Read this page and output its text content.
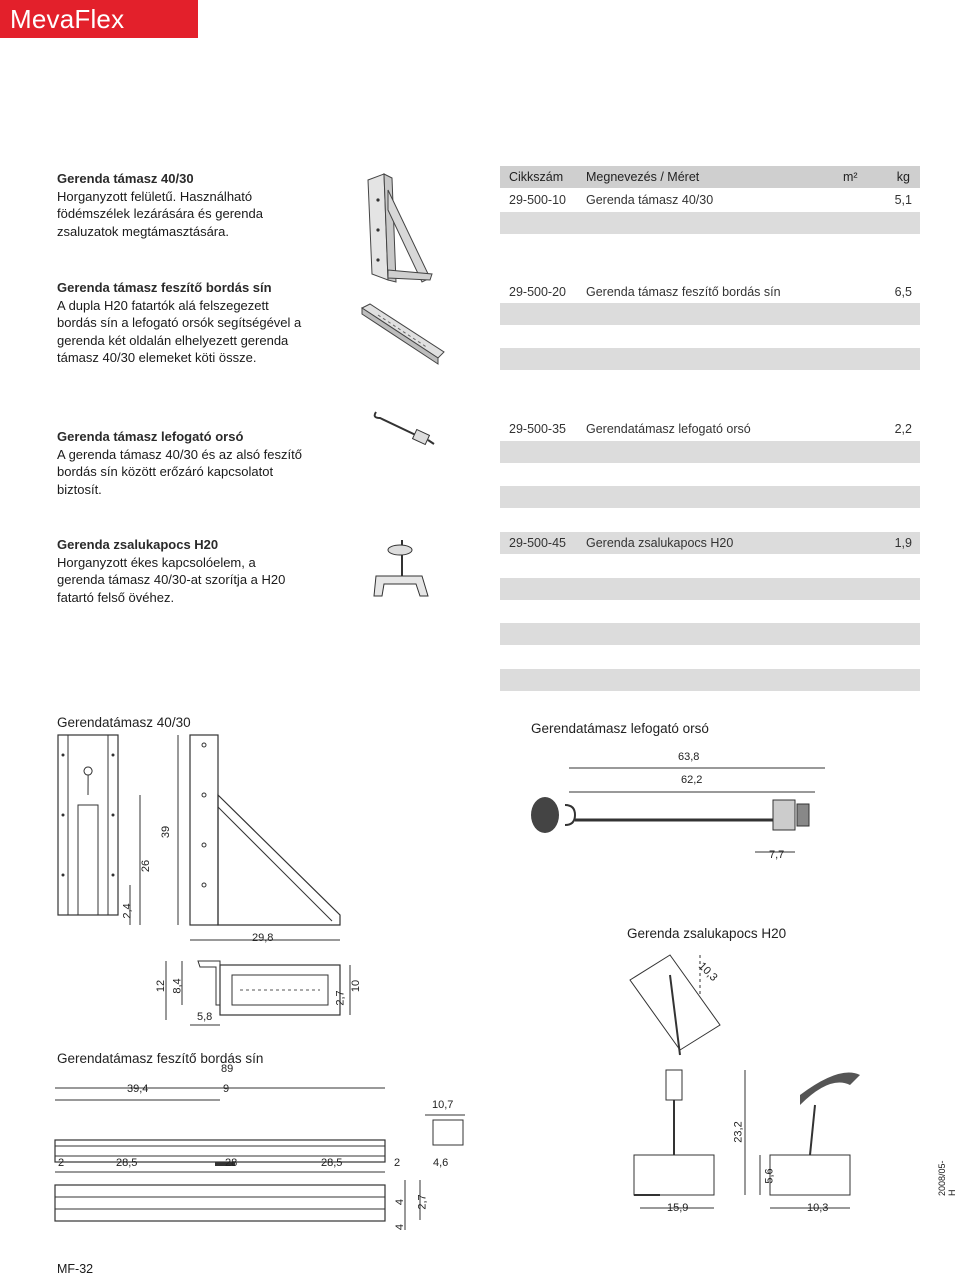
MevaFlex
Gerenda támasz 40/30
Horganyzott felületű. Használható födémszélek lezárására és gerenda zsaluzatok megtámasztására.
Gerenda támasz feszítő bordás sín
A dupla H20 fatartók alá felszegezett bordás sín a lefogató orsók segítségével a gerenda két oldalán elhelyezett gerenda támasz 40/30 elemeket köti össze.
Gerenda támasz lefogató orsó
A gerenda támasz 40/30 és az alsó feszítő bordás sín között erőzáró kapcsolatot biztosít.
Gerenda zsalukapocs H20
Horganyzott ékes kapcsolóelem, a gerenda támasz 40/30-at szorítja a H20 fatartó felső övéhez.
Cikkszám Megnevezés / Méret	m²	kg
29-500-10 Gerenda támasz 40/30	5,1
29-500-20 Gerenda támasz feszítő bordás sín	6,5
29-500-35 Gerendatámasz lefogató orsó	2,2
29-500-45 Gerenda zsalukapocs H20	1,9
Gerendatámasz 40/30
39
26
2,4
29,8
12 8,4
5,8
2,7
10
Gerendatámasz lefogató orsó
63,8
62,2
7,7
Gerenda zsalukapocs H20
10,3
23,2
5,6
15,9	10,3
Gerendatámasz feszítő bordás sín
89
39,4	9
10,7
2	28,5	28	28,5	2	4,6
4 2,7
4
MF-32
2008/05-H
